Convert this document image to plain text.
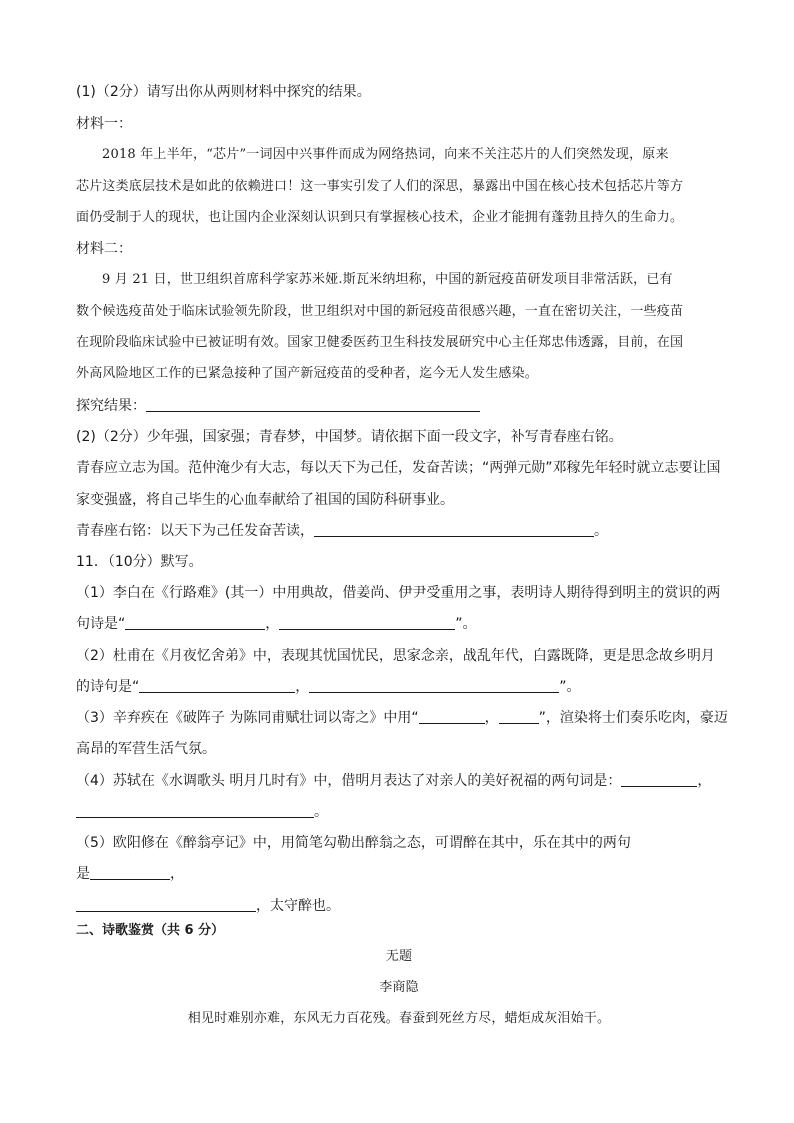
(1)（2分）请写出你从两则材料中探究的结果。
材料一：
2018 年上半年，“芯片”一词因中兴事件而成为网络热词，向来不关注芯片的人们突然发现，原来
芯片这类底层技术是如此的依赖进口！这一事实引发了人们的深思，暴露出中国在核心技术包括芯片等方
面仍受制于人的现状，也让国内企业深刻认识到只有掌握核心技术，企业才能拥有蓬勃且持久的生命力。
材料二：
9 月 21 日，世卫组织首席科学家苏米娅.斯瓦米纳坦称，中国的新冠疫苗研发项目非常活跃，已有
数个候选疫苗处于临床试验领先阶段，世卫组织对中国的新冠疫苗很感兴趣，一直在密切关注，一些疫苗
在现阶段临床试验中已被证明有效。国家卫健委医药卫生科技发展研究中心主任郑忠伟透露，目前，在国
外高风险地区工作的已紧急接种了国产新冠疫苗的受种者，迄今无人发生感染。
探究结果：
(2)（2分）少年强，国家强；青春梦，中国梦。请依据下面一段文字，补写青春座右铭。
青春应立志为国。范仲淹少有大志，每以天下为己任，发奋苦读；“两弹元勋”邓稼先年轻时就立志要让国
家变强盛，将自己毕生的心血奉献给了祖国的国防科研事业。
青春座右铭：以天下为己任发奋苦读，	。
11．（10分）默写。
（1）李白在《行路难》(其一）中用典故，借姜尚、伊尹受重用之事，表明诗人期待得到明主的赏识的两
句诗是“	，	”。
（2）杜甫在《月夜忆舍弟》中，表现其忧国忧民，思家念亲，战乱年代，白露既降，更是思念故乡明月
的诗句是“	，	”。
（3）辛弃疾在《破阵子 为陈同甫赋壮词以寄之》中用“	，	”，渲染将士们奏乐吃肉，豪迈
高昂的军营生活气氛。
（4）苏轼在《水调歌头 明月几时有》中，借明月表达了对亲人的美好祝福的两句词是：	，
。
（5）欧阳修在《醉翁亭记》中，用简笔勾勒出醉翁之态，可谓醉在其中，乐在其中的两句
是	，
，太守醉也。
二、诗歌鉴赏（共 6 分）
无题
李商隐
相见时难别亦难，东风无力百花残。春蚕到死丝方尽，蜡炬成灰泪始干。
